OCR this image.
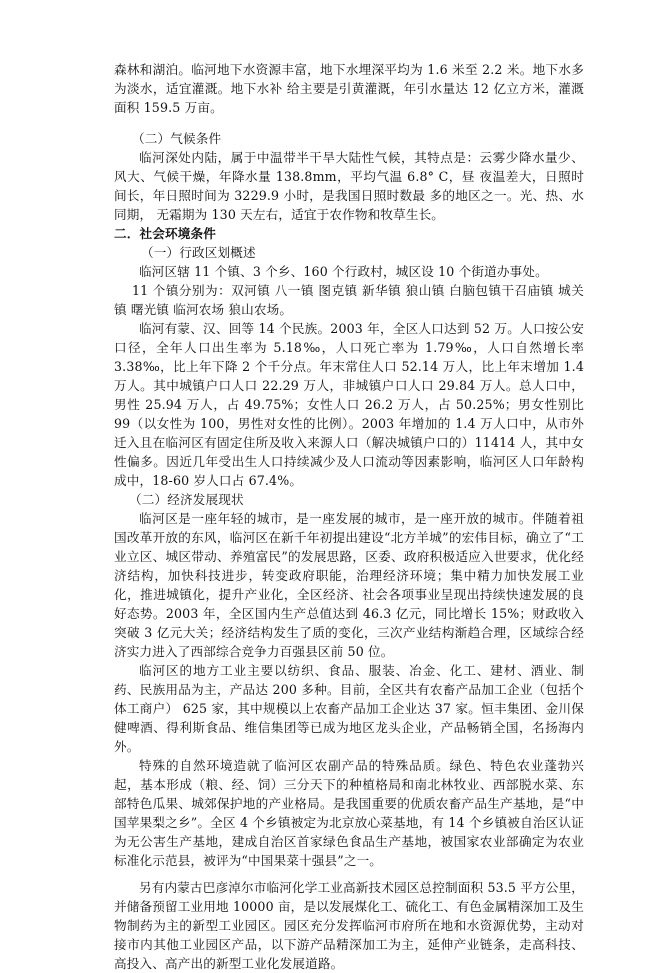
森林和湖泊。临河地下水资源丰富，地下水埋深平均为 1.6 米至 2.2 米。地下水多为淡水，适宜灌溉。地下水补 给主要是引黄灌溉，年引水量达 12 亿立方米，灌溉面积 159.5 万亩。

（二）气候条件

临河深处内陆，属于中温带半干旱大陆性气候，其特点是：云雾少降水量少、风大、气候干燥，年降水量 138.8mm，平均气温 6.8° C，昼 夜温差大，日照时间长，年日照时间为 3229.9 小时，是我国日照时数最 多的地区之一。光、热、水同期， 无霜期为 130 天左右，适宜于农作物和牧草生长。

二．社会环境条件

（一）行政区划概述

临河区辖 11 个镇、3 个乡、160 个行政村，城区设 10 个街道办事处。

11 个镇分别为：双河镇 八一镇 图克镇 新华镇 狼山镇 白脑包镇干召庙镇 城关镇 曙光镇 临河农场 狼山农场。

临河有蒙、汉、回等 14 个民族。2003 年，全区人口达到 52 万。人口按公安口径，全年人口出生率为 5.18‰，人口死亡率为 1.79‰，人口自然增长率 3.38‰，比上年下降 2 个千分点。年末常住人口 52.14 万人，比上年末增加 1.4 万人。其中城镇户口人口 22.29 万人，非城镇户口人口 29.84 万人。总人口中，男性 25.94 万人，占 49.75%；女性人口 26.2 万人，占 50.25%；男女性别比 99（以女性为 100，男性对女性的比例）。2003 年增加的 1.4 万人口中，从市外迁入且在临河区有固定住所及收入来源人口（解决城镇户口的）11414 人，其中女性偏多。因近几年受出生人口持续减少及人口流动等因素影响，临河区人口年龄构成中，18-60 岁人口占 67.4%。

（二）经济发展现状

临河区是一座年轻的城市，是一座发展的城市，是一座开放的城市。伴随着祖国改革开放的东风，临河区在新千年初提出建设“北方羊城”的宏伟目标，确立了“工业立区、城区带动、养殖富民”的发展思路，区委、政府积极适应入世要求，优化经济结构，加快科技进步，转变政府职能，治理经济环境；集中精力加快发展工业化，推进城镇化，提升产业化，全区经济、社会各项事业呈现出持续快速发展的良好态势。2003 年，全区国内生产总值达到 46.3 亿元，同比增长 15%；财政收入突破 3 亿元大关；经济结构发生了质的变化，三次产业结构渐趋合理，区域综合经济实力进入了西部综合竞争力百强县区前 50 位。

临河区的地方工业主要以纺织、食品、服装、冶金、化工、建材、酒业、制药、民族用品为主，产品达 200 多种。目前，全区共有农畜产品加工企业（包括个体工商户） 625 家，其中规模以上农畜产品加工企业达 37 家。恒丰集团、金川保健啤酒、得利斯食品、维信集团等已成为地区龙头企业，产品畅销全国，名扬海内外。

特殊的自然环境造就了临河区农副产品的特殊品质。绿色、特色农业蓬勃兴起，基本形成（粮、经、饲）三分天下的种植格局和南北林牧业、西部脱水菜、东部特色瓜果、城郊保护地的产业格局。是我国重要的优质农畜产品生产基地，是“中国苹果梨之乡”。全区 4 个乡镇被定为北京放心菜基地，有 14 个乡镇被自治区认证为无公害生产基地，建成自治区首家绿色食品生产基地，被国家农业部确定为农业标准化示范县，被评为“中国果菜十强县”之一。

另有内蒙古巴彦淖尔市临河化学工业高新技术园区总控制面积 53.5 平方公里，并储备预留工业用地 10000 亩，是以发展煤化工、硫化工、有色金属精深加工及生物制药为主的新型工业园区。园区充分发挥临河市府所在地和水资源优势，主动对接市内其他工业园区产品，以下游产品精深加工为主，延伸产业链条，走高科技、高投入、高产出的新型工业化发展道路。
